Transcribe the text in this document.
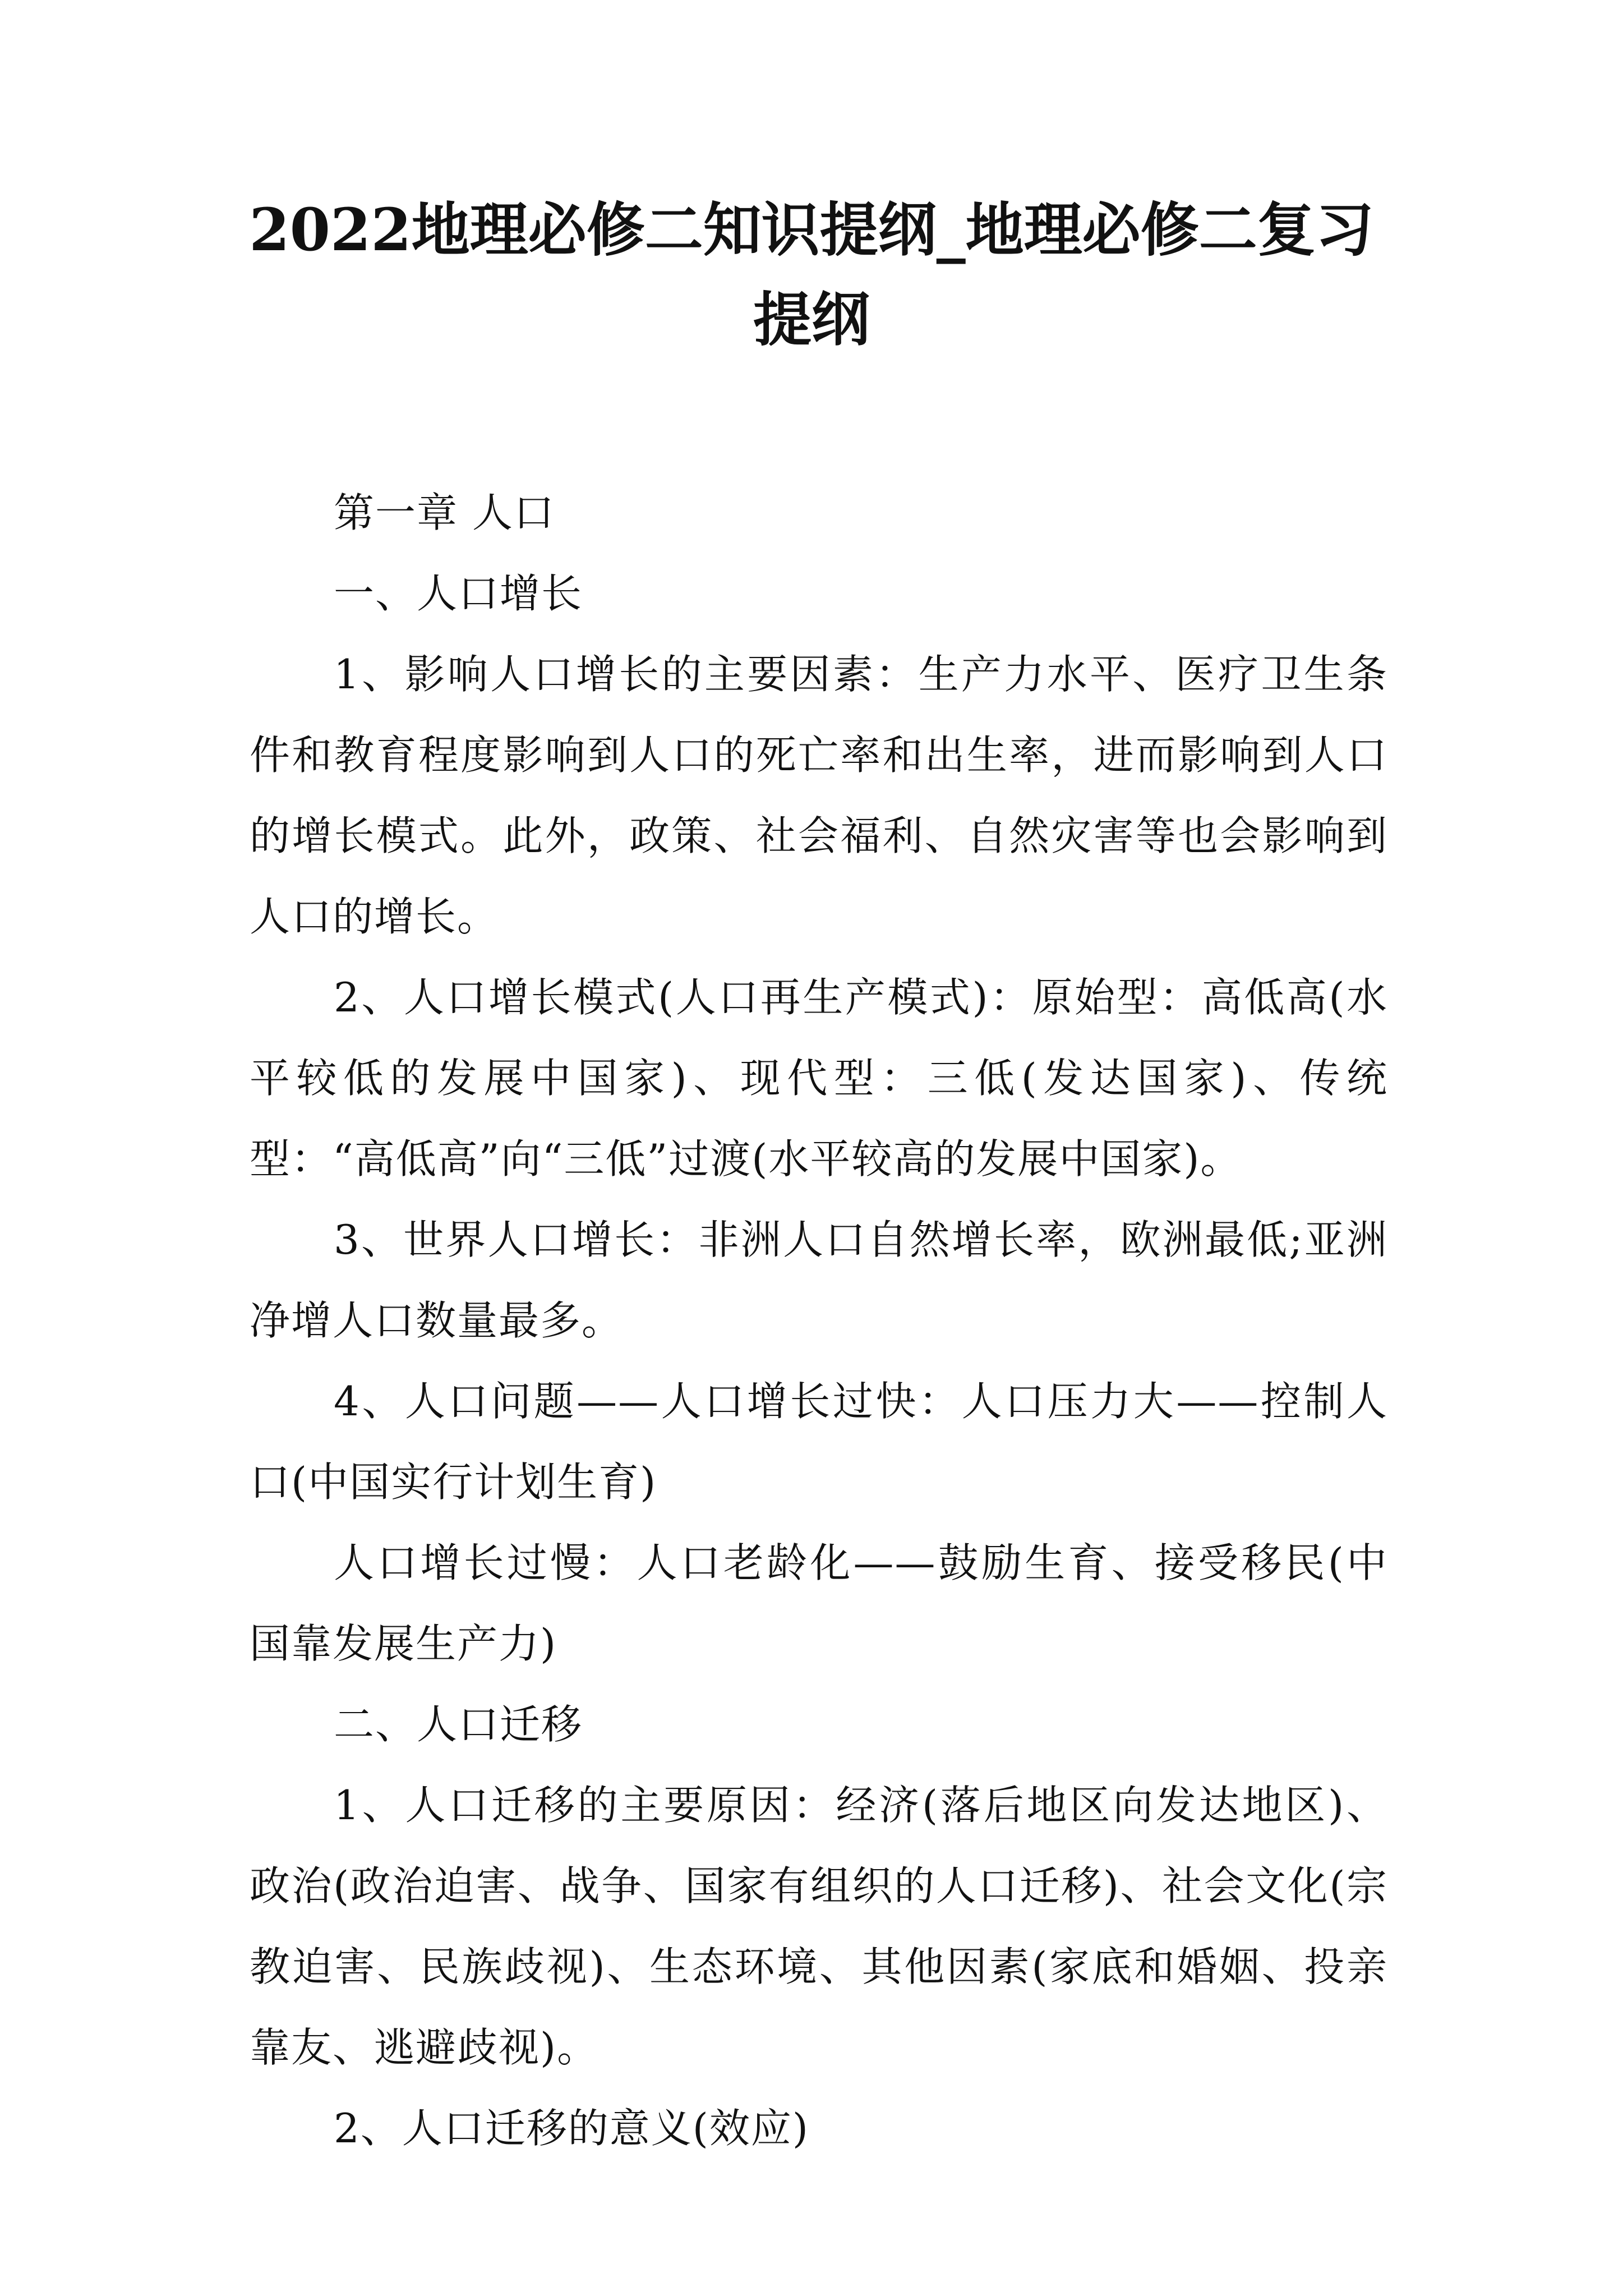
2022地理必修二知识提纲_地理必修二复习提纲

第一章 人口

一、人口增长

1、影响人口增长的主要因素：生产力水平、医疗卫生条件和教育程度影响到人口的死亡率和出生率，进而影响到人口的增长模式。此外，政策、社会福利、自然灾害等也会影响到人口的增长。

2、人口增长模式(人口再生产模式)：原始型：高低高(水平较低的发展中国家)、现代型：三低(发达国家)、传统型：“高低高”向“三低”过渡(水平较高的发展中国家)。

3、世界人口增长：非洲人口自然增长率，欧洲最低;亚洲净增人口数量最多。

4、人口问题——人口增长过快：人口压力大——控制人口(中国实行计划生育)

人口增长过慢：人口老龄化——鼓励生育、接受移民(中国靠发展生产力)

二、人口迁移

1、人口迁移的主要原因：经济(落后地区向发达地区)、政治(政治迫害、战争、国家有组织的人口迁移)、社会文化(宗教迫害、民族歧视)、生态环境、其他因素(家底和婚姻、投亲靠友、逃避歧视)。

2、人口迁移的意义(效应)
